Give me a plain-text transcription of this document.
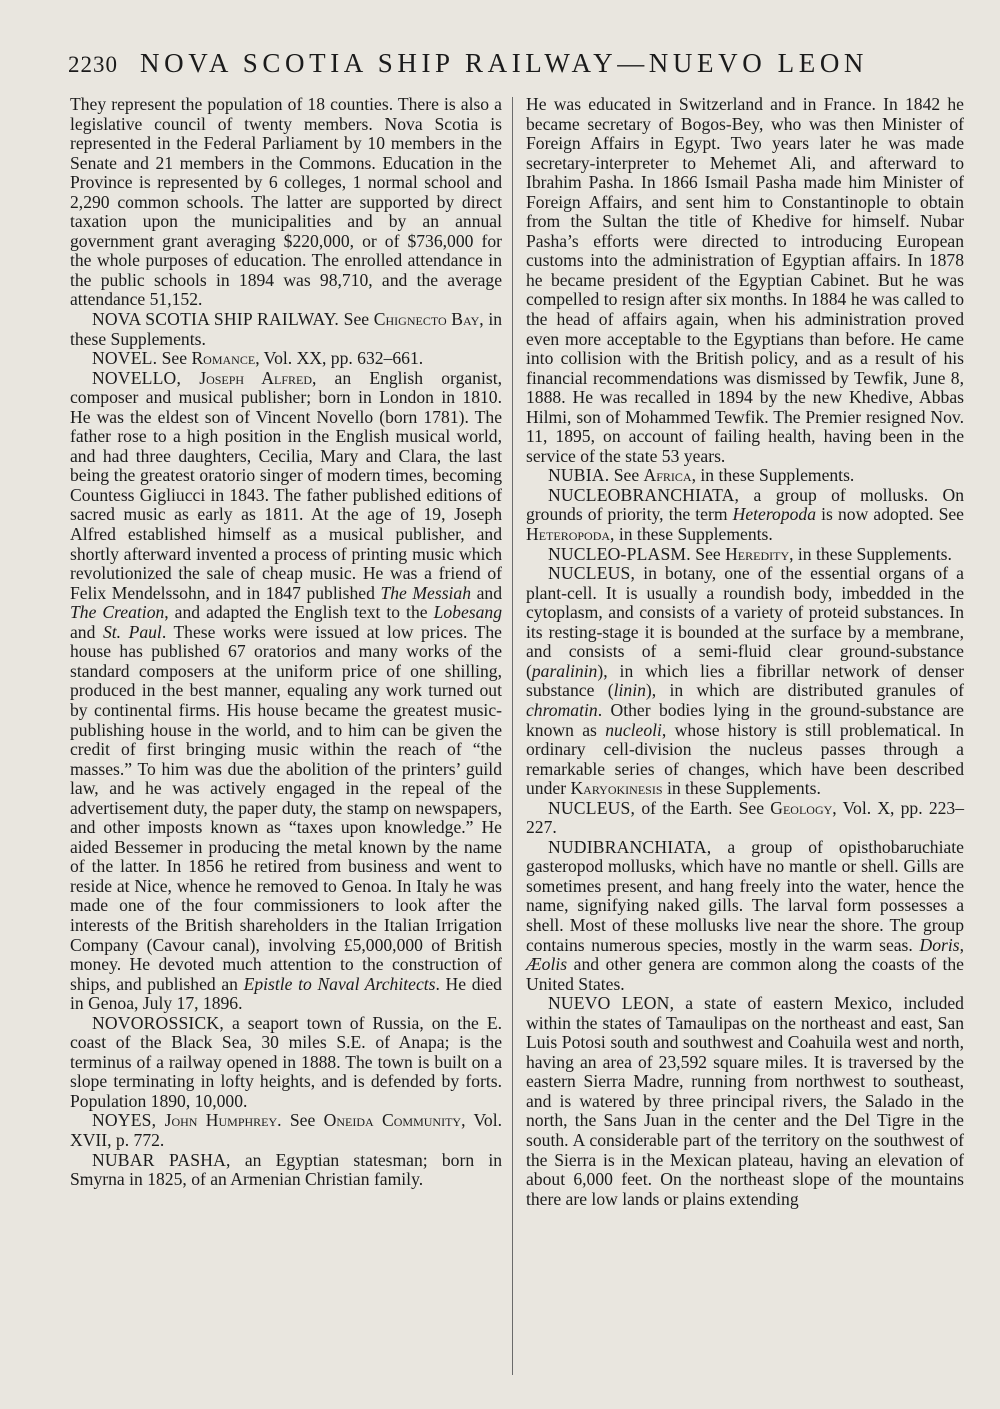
2230 NOVA SCOTIA SHIP RAILWAY—NUEVO LEON

They represent the population of 18 counties. There is also a legislative council of twenty members. Nova Scotia is represented in the Federal Parliament by 10 members in the Senate and 21 members in the Commons. Education in the Province is represented by 6 colleges, 1 normal school and 2,290 common schools. The latter are supported by direct taxation upon the municipalities and by an annual government grant averaging $220,000, or of $736,000 for the whole purposes of education. The enrolled attendance in the public schools in 1894 was 98,710, and the average attendance 51,152.

NOVA SCOTIA SHIP RAILWAY. See Chignecto Bay, in these Supplements.

NOVEL. See Romance, Vol. XX, pp. 632–661.

NOVELLO, Joseph Alfred, an English organist, composer and musical publisher; born in London in 1810. He was the eldest son of Vincent Novello (born 1781). The father rose to a high position in the English musical world, and had three daughters, Cecilia, Mary and Clara, the last being the greatest oratorio singer of modern times, becoming Countess Gigliucci in 1843. The father published editions of sacred music as early as 1811. At the age of 19, Joseph Alfred established himself as a musical publisher, and shortly afterward invented a process of printing music which revolutionized the sale of cheap music. He was a friend of Felix Mendelssohn, and in 1847 published The Messiah and The Creation, and adapted the English text to the Lobesang and St. Paul. These works were issued at low prices. The house has published 67 oratorios and many works of the standard composers at the uniform price of one shilling, produced in the best manner, equaling any work turned out by continental firms. His house became the greatest music-publishing house in the world, and to him can be given the credit of first bringing music within the reach of “the masses.” To him was due the abolition of the printers’ guild law, and he was actively engaged in the repeal of the advertisement duty, the paper duty, the stamp on newspapers, and other imposts known as “taxes upon knowledge.” He aided Bessemer in producing the metal known by the name of the latter. In 1856 he retired from business and went to reside at Nice, whence he removed to Genoa. In Italy he was made one of the four commissioners to look after the interests of the British shareholders in the Italian Irrigation Company (Cavour canal), involving £5,000,000 of British money. He devoted much attention to the construction of ships, and published an Epistle to Naval Architects. He died in Genoa, July 17, 1896.

NOVOROSSICK, a seaport town of Russia, on the E. coast of the Black Sea, 30 miles S.E. of Anapa; is the terminus of a railway opened in 1888. The town is built on a slope terminating in lofty heights, and is defended by forts. Population 1890, 10,000.

NOYES, John Humphrey. See Oneida Community, Vol. XVII, p. 772.

NUBAR PASHA, an Egyptian statesman; born in Smyrna in 1825, of an Armenian Christian family.

He was educated in Switzerland and in France. In 1842 he became secretary of Bogos-Bey, who was then Minister of Foreign Affairs in Egypt. Two years later he was made secretary-interpreter to Mehemet Ali, and afterward to Ibrahim Pasha. In 1866 Ismail Pasha made him Minister of Foreign Affairs, and sent him to Constantinople to obtain from the Sultan the title of Khedive for himself. Nubar Pasha’s efforts were directed to introducing European customs into the administration of Egyptian affairs. In 1878 he became president of the Egyptian Cabinet. But he was compelled to resign after six months. In 1884 he was called to the head of affairs again, when his administration proved even more acceptable to the Egyptians than before. He came into collision with the British policy, and as a result of his financial recommendations was dismissed by Tewfik, June 8, 1888. He was recalled in 1894 by the new Khedive, Abbas Hilmi, son of Mohammed Tewfik. The Premier resigned Nov. 11, 1895, on account of failing health, having been in the service of the state 53 years.

NUBIA. See Africa, in these Supplements.

NUCLEOBRANCHIATA, a group of mollusks. On grounds of priority, the term Heteropoda is now adopted. See Heteropoda, in these Supplements.

NUCLEO-PLASM. See Heredity, in these Supplements.

NUCLEUS, in botany, one of the essential organs of a plant-cell. It is usually a roundish body, imbedded in the cytoplasm, and consists of a variety of proteid substances. In its resting-stage it is bounded at the surface by a membrane, and consists of a semi-fluid clear ground-substance (paralinin), in which lies a fibrillar network of denser substance (linin), in which are distributed granules of chromatin. Other bodies lying in the ground-substance are known as nucleoli, whose history is still problematical. In ordinary cell-division the nucleus passes through a remarkable series of changes, which have been described under Karyokinesis in these Supplements.

NUCLEUS, of the Earth. See Geology, Vol. X, pp. 223–227.

NUDIBRANCHIATA, a group of opisthobaruchiate gasteropod mollusks, which have no mantle or shell. Gills are sometimes present, and hang freely into the water, hence the name, signifying naked gills. The larval form possesses a shell. Most of these mollusks live near the shore. The group contains numerous species, mostly in the warm seas. Doris, Æolis and other genera are common along the coasts of the United States.

NUEVO LEON, a state of eastern Mexico, included within the states of Tamaulipas on the northeast and east, San Luis Potosi south and southwest and Coahuila west and north, having an area of 23,592 square miles. It is traversed by the eastern Sierra Madre, running from northwest to southeast, and is watered by three principal rivers, the Salado in the north, the Sans Juan in the center and the Del Tigre in the south. A considerable part of the territory on the southwest of the Sierra is in the Mexican plateau, having an elevation of about 6,000 feet. On the northeast slope of the mountains there are low lands or plains extending
